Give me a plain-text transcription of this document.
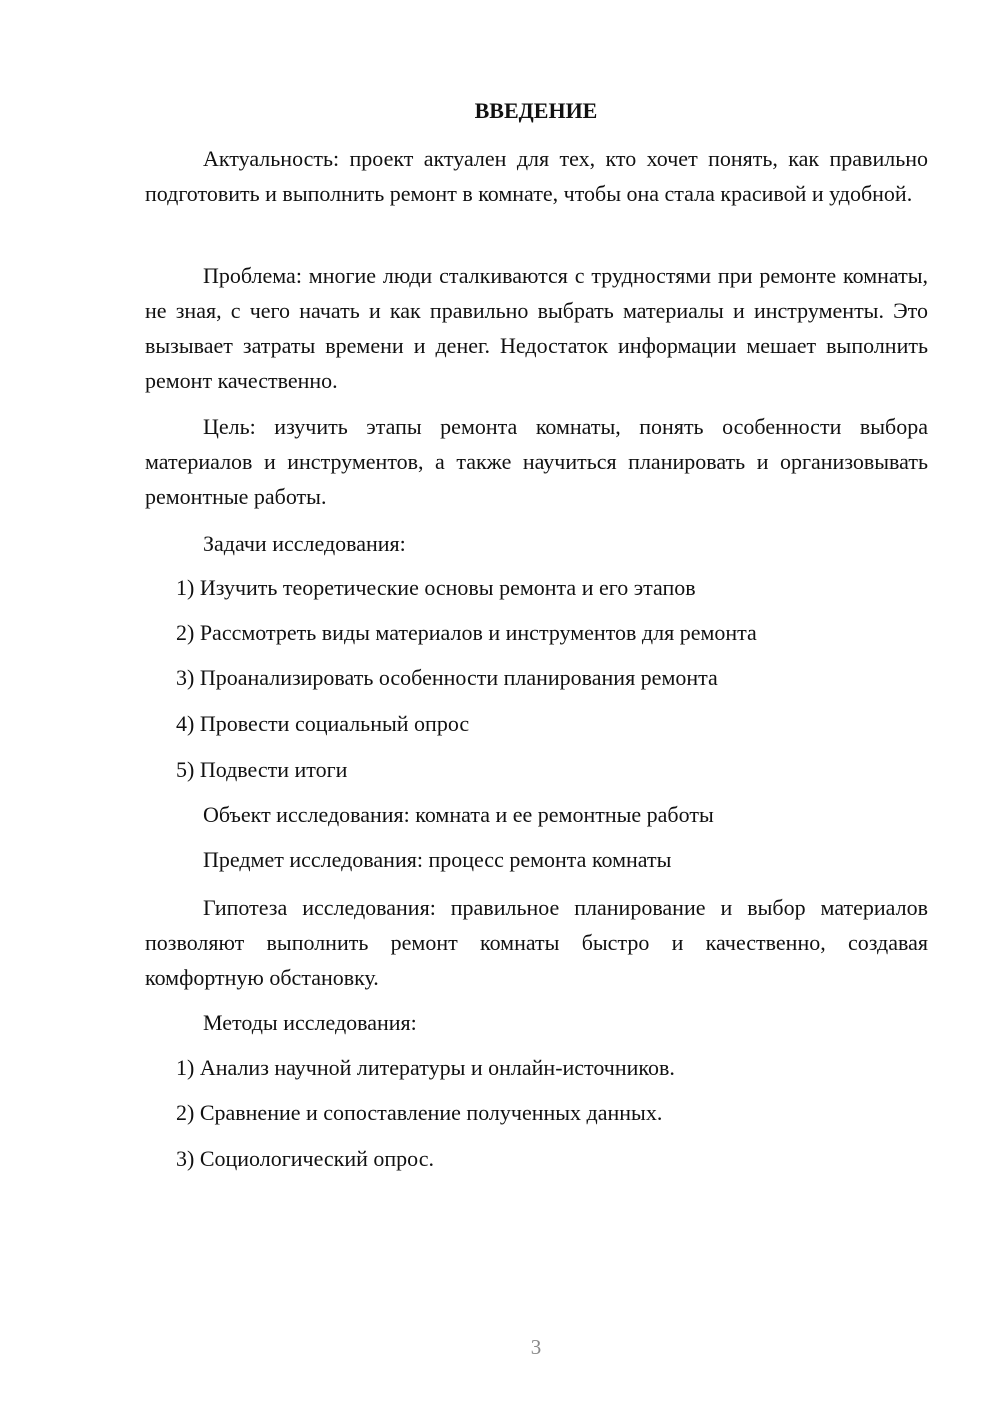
ВВЕДЕНИЕ

Актуальность: проект актуален для тех, кто хочет понять, как правильно подготовить и выполнить ремонт в комнате, чтобы она стала красивой и удобной.

Проблема: многие люди сталкиваются с трудностями при ремонте комнаты, не зная, с чего начать и как правильно выбрать материалы и инструменты. Это вызывает затраты времени и денег. Недостаток информации мешает выполнить ремонт качественно.

Цель: изучить этапы ремонта комнаты, понять особенности выбора материалов и инструментов, а также научиться планировать и организовывать ремонтные работы.

Задачи исследования:
1) Изучить теоретические основы ремонта и его этапов
2) Рассмотреть виды материалов и инструментов для ремонта
3) Проанализировать особенности планирования ремонта
4) Провести социальный опрос
5) Подвести итоги
Объект исследования: комната и ее ремонтные работы
Предмет исследования: процесс ремонта комнаты

Гипотеза исследования: правильное планирование и выбор материалов позволяют выполнить ремонт комнаты быстро и качественно, создавая комфортную обстановку.

Методы исследования:
1) Анализ научной литературы и онлайн-источников.
2) Сравнение и сопоставление полученных данных.
3) Социологический опрос.
3
